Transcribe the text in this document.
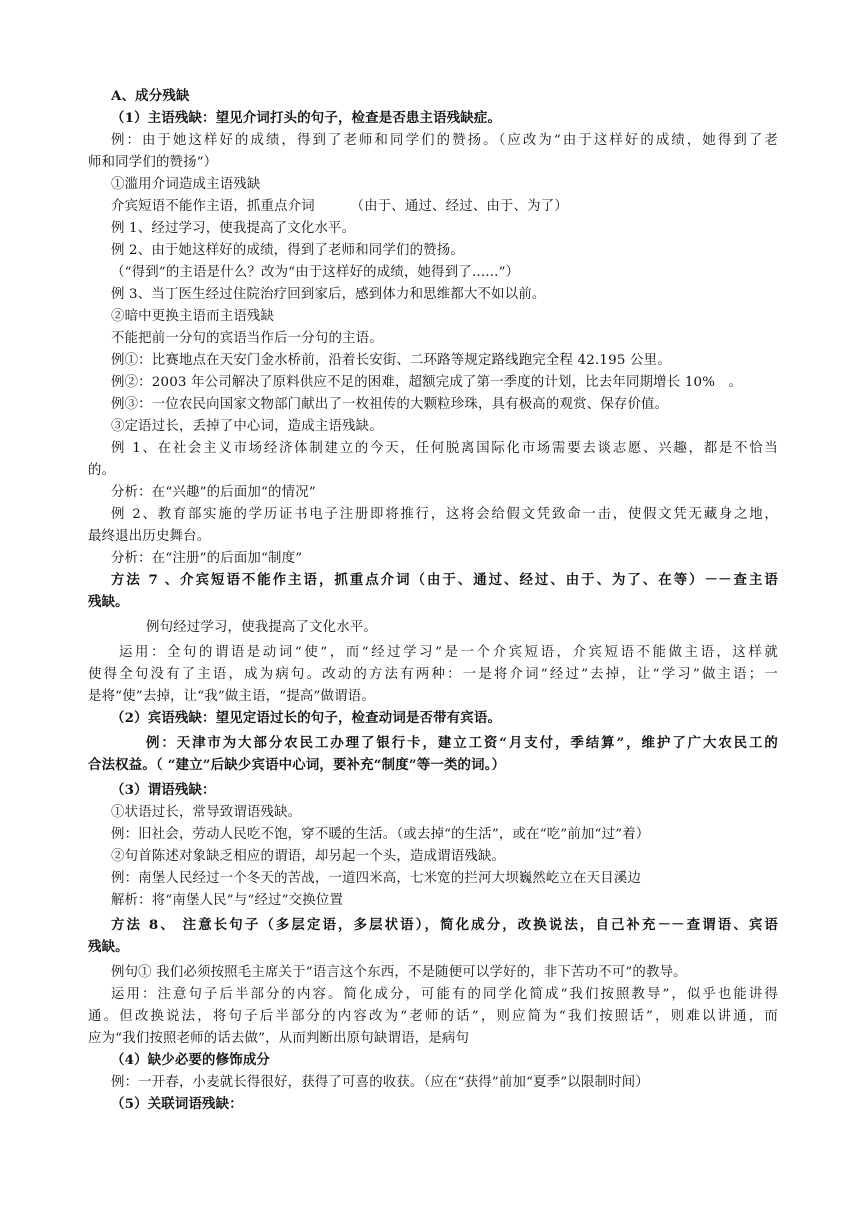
A、成分残缺
（1）主语残缺：望见介词打头的句子，检查是否患主语残缺症。
例：由于她这样好的成绩，得到了老师和同学们的赞扬。（应改为“由于这样好的成绩，她得到了老
师和同学们的赞扬”）
①滥用介词造成主语残缺
介宾短语不能作主语，抓重点介词        （由于、通过、经过、由于、为了）
例 1、经过学习，使我提高了文化水平。
例 2、由于她这样好的成绩，得到了老师和同学们的赞扬。
（“得到”的主语是什么？改为“由于这样好的成绩，她得到了......”）
例 3、当丁医生经过住院治疗回到家后，感到体力和思维都大不如以前。
②暗中更换主语而主语残缺
不能把前一分句的宾语当作后一分句的主语。
例①：比赛地点在天安门金水桥前，沿着长安街、二环路等规定路线跑完全程 42.195 公里。
例②：2003 年公司解决了原料供应不足的困难，超额完成了第一季度的计划，比去年同期增长 10%   。
例③：一位农民向国家文物部门献出了一枚祖传的大颗粒珍珠，具有极高的观赏、保存价值。
③定语过长，丢掉了中心词，造成主语残缺。
例 1、在社会主义市场经济体制建立的今天，任何脱离国际化市场需要去谈志愿、兴趣，都是不恰当
的。
分析：在“兴趣”的后面加“的情况”
例 2、教育部实施的学历证书电子注册即将推行，这将会给假文凭致命一击，使假文凭无藏身之地，
最终退出历史舞台。
分析：在“注册”的后面加“制度”
方法 7 、介宾短语不能作主语，抓重点介词（由于、通过、经过、由于、为了、在等）－－查主语
残缺。
例句经过学习，使我提高了文化水平。
运用：全句的谓语是动词“使”，而“经过学习”是一个介宾短语，介宾短语不能做主语，这样就
使得全句没有了主语，成为病句。改动的方法有两种：一是将介词“经过”去掉，让“学习”做主语；一
是将“使”去掉，让“我”做主语，“提高”做谓语。
（2）宾语残缺：望见定语过长的句子，检查动词是否带有宾语。
例：天津市为大部分农民工办理了银行卡，建立工资“月支付，季结算”，维护了广大农民工的
合法权益。（ “建立”后缺少宾语中心词，要补充“制度”等一类的词。）
（3）谓语残缺：
①状语过长，常导致谓语残缺。
例：旧社会，劳动人民吃不饱，穿不暖的生活。（或去掉“的生活”，或在“吃”前加“过”着）
②句首陈述对象缺乏相应的谓语，却另起一个头，造成谓语残缺。
例：南堡人民经过一个冬天的苦战，一道四米高，七米宽的拦河大坝巍然屹立在天目溪边
解析：将“南堡人民”与“经过”交换位置
方法 8、 注意长句子（多层定语，多层状语），简化成分，改换说法，自己补充－－查谓语、宾语
残缺。
例句① 我们必须按照毛主席关于“语言这个东西，不是随便可以学好的，非下苦功不可”的教导。
运用：注意句子后半部分的内容。简化成分，可能有的同学化简成“我们按照教导”，似乎也能讲得
通。但改换说法，将句子后半部分的内容改为“老师的话”，则应简为“我们按照话”，则难以讲通，而
应为“我们按照老师的话去做”，从而判断出原句缺谓语，是病句
（4）缺少必要的修饰成分
例：一开春，小麦就长得很好，获得了可喜的收获。（应在“获得”前加“夏季”以限制时间）
（5）关联词语残缺：
